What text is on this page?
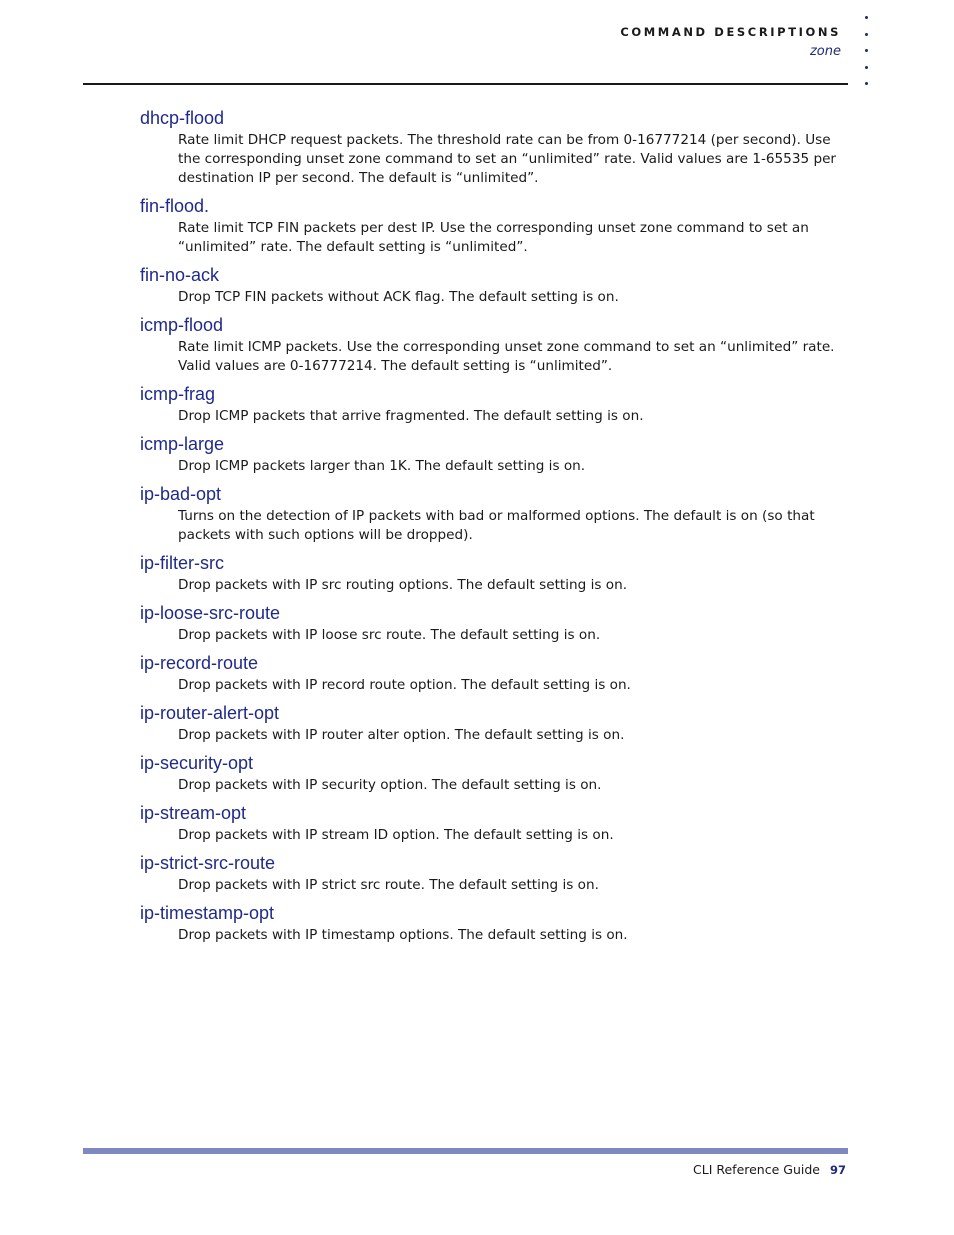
COMMAND DESCRIPTIONS
zone
dhcp-flood

Rate limit DHCP request packets. The threshold rate can be from 0-16777214 (per second). Use the corresponding unset zone command to set an “unlimited” rate. Valid values are 1-65535 per destination IP per second. The default is “unlimited”.

fin-flood.

Rate limit TCP FIN packets per dest IP. Use the corresponding unset zone command to set an “unlimited” rate. The default setting is “unlimited”.

fin-no-ack

Drop TCP FIN packets without ACK flag. The default setting is on.

icmp-flood

Rate limit ICMP packets. Use the corresponding unset zone command to set an “unlimited” rate. Valid values are 0-16777214. The default setting is “unlimited”.

icmp-frag

Drop ICMP packets that arrive fragmented. The default setting is on.

icmp-large

Drop ICMP packets larger than 1K. The default setting is on.

ip-bad-opt

Turns on the detection of IP packets with bad or malformed options. The default is on (so that packets with such options will be dropped).

ip-filter-src

Drop packets with IP src routing options. The default setting is on.

ip-loose-src-route

Drop packets with IP loose src route. The default setting is on.

ip-record-route

Drop packets with IP record route option. The default setting is on.

ip-router-alert-opt

Drop packets with IP router alter option. The default setting is on.

ip-security-opt

Drop packets with IP security option. The default setting is on.

ip-stream-opt

Drop packets with IP stream ID option. The default setting is on.

ip-strict-src-route

Drop packets with IP strict src route. The default setting is on.

ip-timestamp-opt

Drop packets with IP timestamp options. The default setting is on.

CLI Reference Guide 97
